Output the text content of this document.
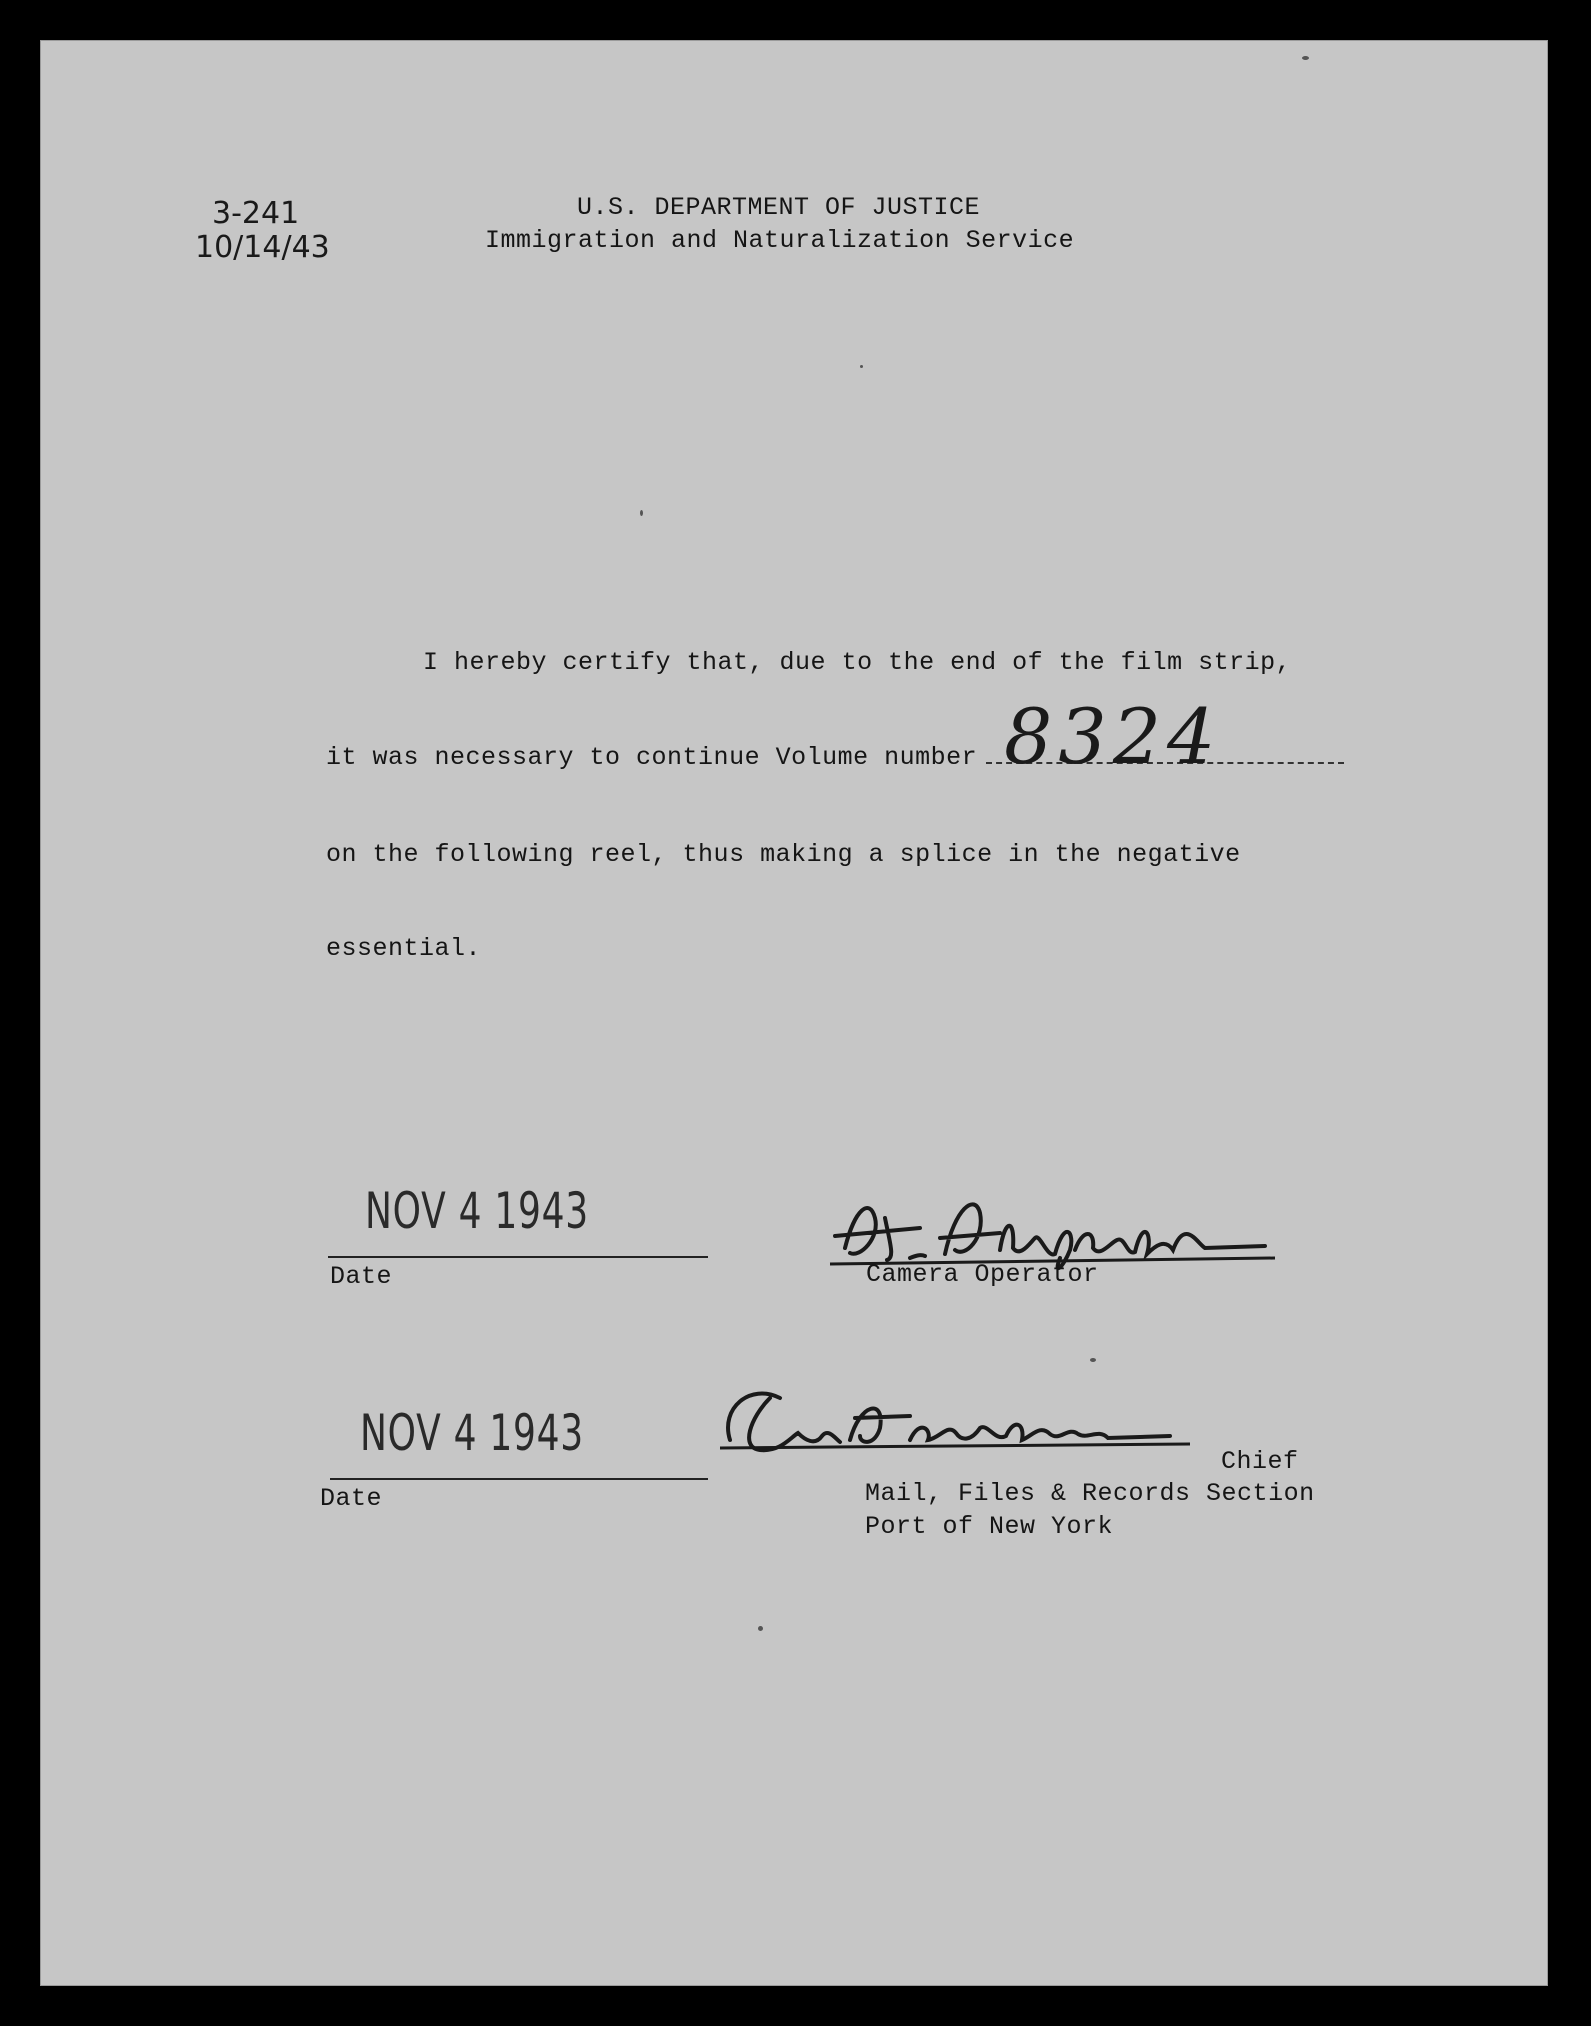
3-241
10/14/43
U.S. DEPARTMENT OF JUSTICE
Immigration and Naturalization Service
I hereby certify that, due to the end of the film strip,
it was necessary to continue Volume number 8324
on the following reel, thus making a splice in the negative
essential.
NOV 4 1943
Date	Camera Operator
NOV 4 1943
Date
Chief
Mail, Files & Records Section
Port of New York
